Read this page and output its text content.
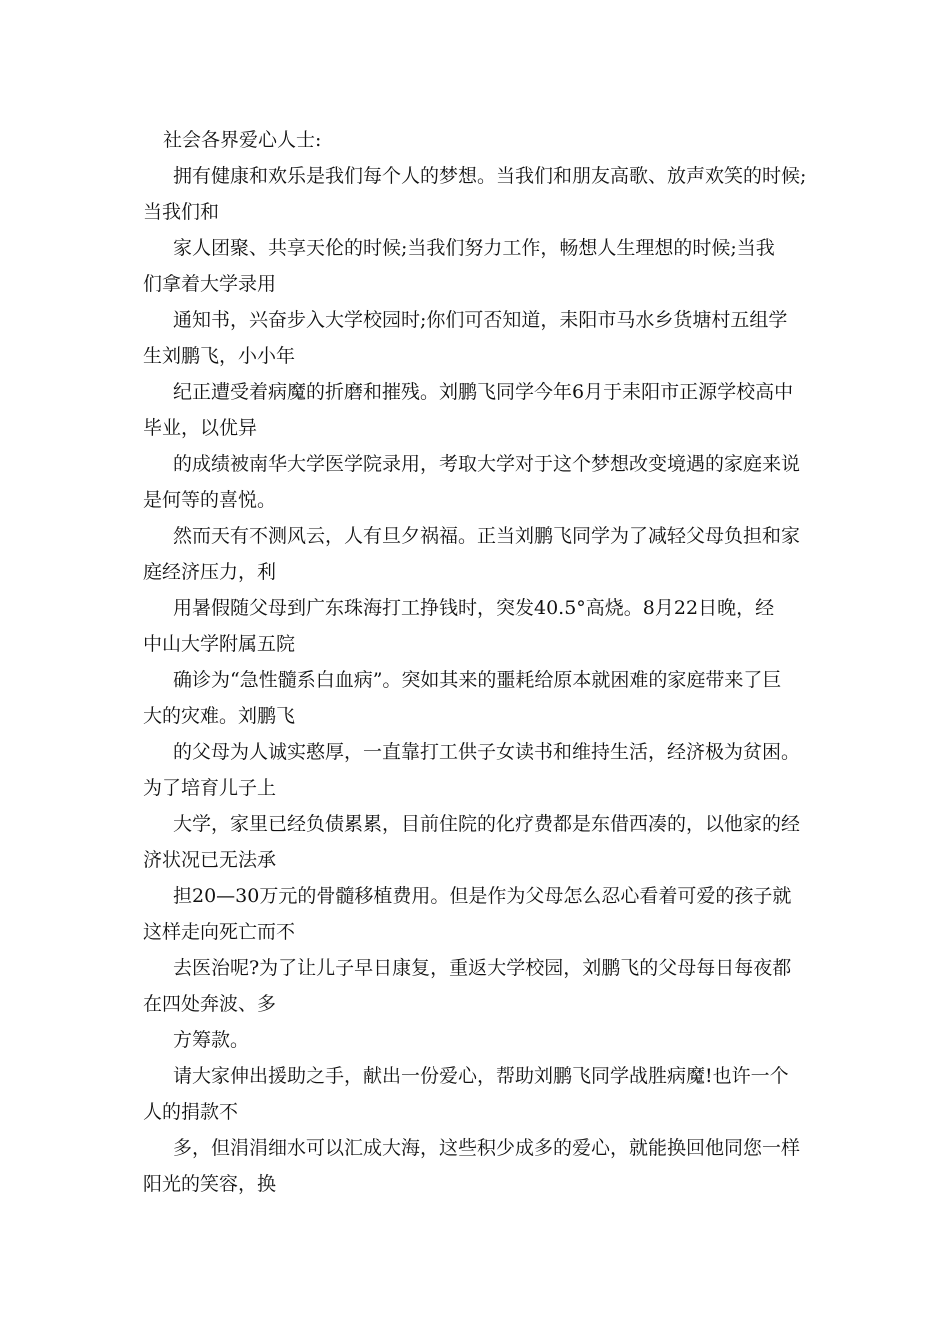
社会各界爱心人士:
拥有健康和欢乐是我们每个人的梦想。当我们和朋友高歌、放声欢笑的时候;
当我们和
家人团聚、共享天伦的时候;当我们努力工作，畅想人生理想的时候;当我
们拿着大学录用
通知书，兴奋步入大学校园时;你们可否知道，耒阳市马水乡货塘村五组学
生刘鹏飞，小小年
纪正遭受着病魔的折磨和摧残。刘鹏飞同学今年6月于耒阳市正源学校高中
毕业，以优异
的成绩被南华大学医学院录用，考取大学对于这个梦想改变境遇的家庭来说
是何等的喜悦。
然而天有不测风云，人有旦夕祸福。正当刘鹏飞同学为了减轻父母负担和家
庭经济压力，利
用暑假随父母到广东珠海打工挣钱时，突发40.5°高烧。8月22日晚，经
中山大学附属五院
确诊为“急性髓系白血病”。突如其来的噩耗给原本就困难的家庭带来了巨
大的灾难。刘鹏飞
的父母为人诚实憨厚，一直靠打工供子女读书和维持生活，经济极为贫困。
为了培育儿子上
大学，家里已经负债累累，目前住院的化疗费都是东借西凑的，以他家的经
济状况已无法承
担20—30万元的骨髓移植费用。但是作为父母怎么忍心看着可爱的孩子就
这样走向死亡而不
去医治呢?为了让儿子早日康复，重返大学校园，刘鹏飞的父母每日每夜都
在四处奔波、多
方筹款。
请大家伸出援助之手，献出一份爱心，帮助刘鹏飞同学战胜病魔!也许一个
人的捐款不
多，但涓涓细水可以汇成大海，这些积少成多的爱心，就能换回他同您一样
阳光的笑容，换
